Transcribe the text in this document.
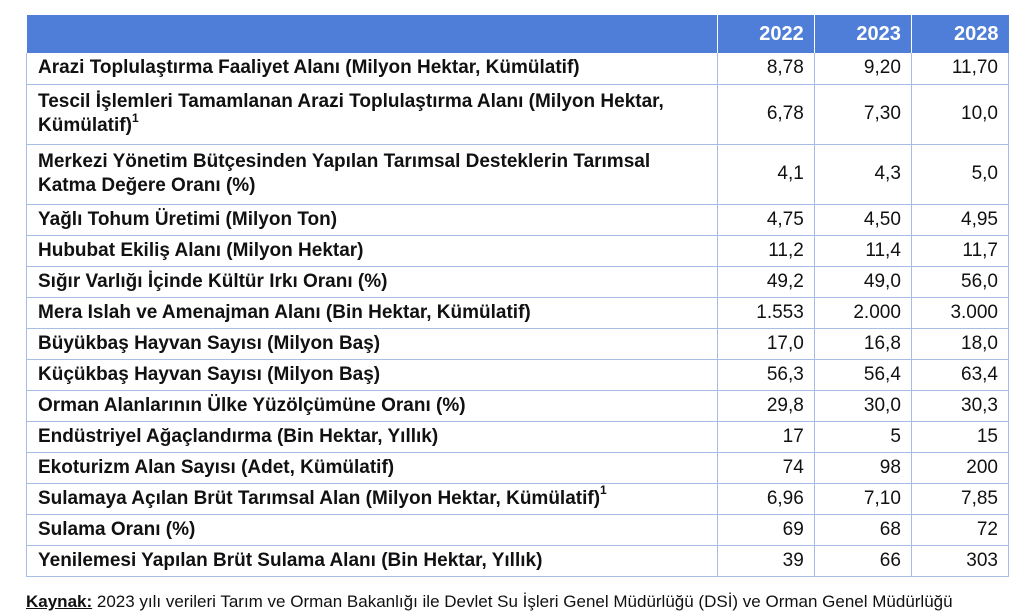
	2022	2023	2028
Arazi Toplulaştırma Faaliyet Alanı (Milyon Hektar, Kümülatif)	8,78	9,20	11,70
Tescil İşlemleri Tamamlanan Arazi Toplulaştırma Alanı (Milyon Hektar, Kümülatif)$^1$	6,78	7,30	10,0
Merkezi Yönetim Bütçesinden Yapılan Tarımsal Desteklerin Tarımsal Katma Değere Oranı (%)	4,1	4,3	5,0
Yağlı Tohum Üretimi (Milyon Ton)	4,75	4,50	4,95
Hububat Ekiliş Alanı (Milyon Hektar)	11,2	11,4	11,7
Sığır Varlığı İçinde Kültür Irkı Oranı (%)	49,2	49,0	56,0
Mera Islah ve Amenajman Alanı (Bin Hektar, Kümülatif)	1.553	2.000	3.000
Büyükbaş Hayvan Sayısı (Milyon Baş)	17,0	16,8	18,0
Küçükbaş Hayvan Sayısı (Milyon Baş)	56,3	56,4	63,4
Orman Alanlarının Ülke Yüzölçümüne Oranı (%)	29,8	30,0	30,3
Endüstriyel Ağaçlandırma (Bin Hektar, Yıllık)	17	5	15
Ekoturizm Alan Sayısı (Adet, Kümülatif)	74	98	200
Sulamaya Açılan Brüt Tarımsal Alan (Milyon Hektar, Kümülatif)$^1$	6,96	7,10	7,85
Sulama Oranı (%)	69	68	72
Yenilemesi Yapılan Brüt Sulama Alanı (Bin Hektar, Yıllık)	39	66	303
Kaynak: 2023 yılı verileri Tarım ve Orman Bakanlığı ile Devlet Su İşleri Genel Müdürlüğü (DSİ) ve Orman Genel Müdürlüğü
